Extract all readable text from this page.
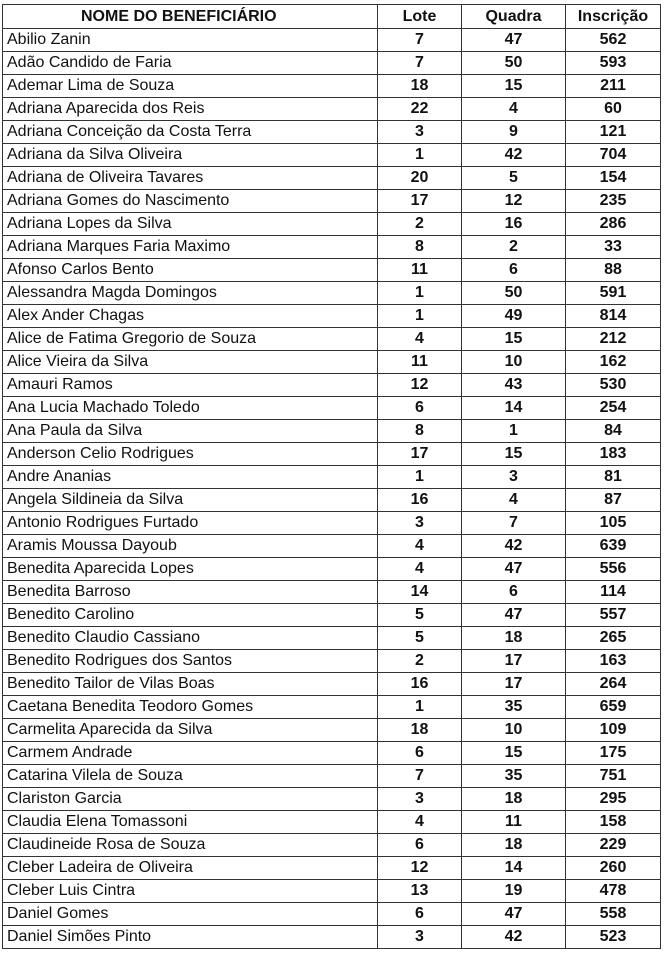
NOME DO BENEFICIÁRIO	Lote	Quadra	Inscrição
Abilio Zanin	7	47	562
Adão Candido de Faria	7	50	593
Ademar Lima de Souza	18	15	211
Adriana Aparecida dos Reis	22	4	60
Adriana Conceição da Costa Terra	3	9	121
Adriana da Silva Oliveira	1	42	704
Adriana de Oliveira Tavares	20	5	154
Adriana Gomes do Nascimento	17	12	235
Adriana Lopes da Silva	2	16	286
Adriana Marques Faria Maximo	8	2	33
Afonso Carlos Bento	11	6	88
Alessandra Magda Domingos	1	50	591
Alex Ander Chagas	1	49	814
Alice de Fatima Gregorio de Souza	4	15	212
Alice Vieira da Silva	11	10	162
Amauri Ramos	12	43	530
Ana Lucia Machado Toledo	6	14	254
Ana Paula da Silva	8	1	84
Anderson Celio Rodrigues	17	15	183
Andre Ananias	1	3	81
Angela Sildineia da Silva	16	4	87
Antonio Rodrigues Furtado	3	7	105
Aramis Moussa Dayoub	4	42	639
Benedita Aparecida Lopes	4	47	556
Benedita Barroso	14	6	114
Benedito Carolino	5	47	557
Benedito Claudio Cassiano	5	18	265
Benedito Rodrigues dos Santos	2	17	163
Benedito Tailor de Vilas Boas	16	17	264
Caetana Benedita Teodoro Gomes	1	35	659
Carmelita Aparecida da Silva	18	10	109
Carmem Andrade	6	15	175
Catarina Vilela de Souza	7	35	751
Clariston Garcia	3	18	295
Claudia Elena Tomassoni	4	11	158
Claudineide Rosa de Souza	6	18	229
Cleber Ladeira de Oliveira	12	14	260
Cleber Luis Cintra	13	19	478
Daniel Gomes	6	47	558
Daniel Simões Pinto	3	42	523
